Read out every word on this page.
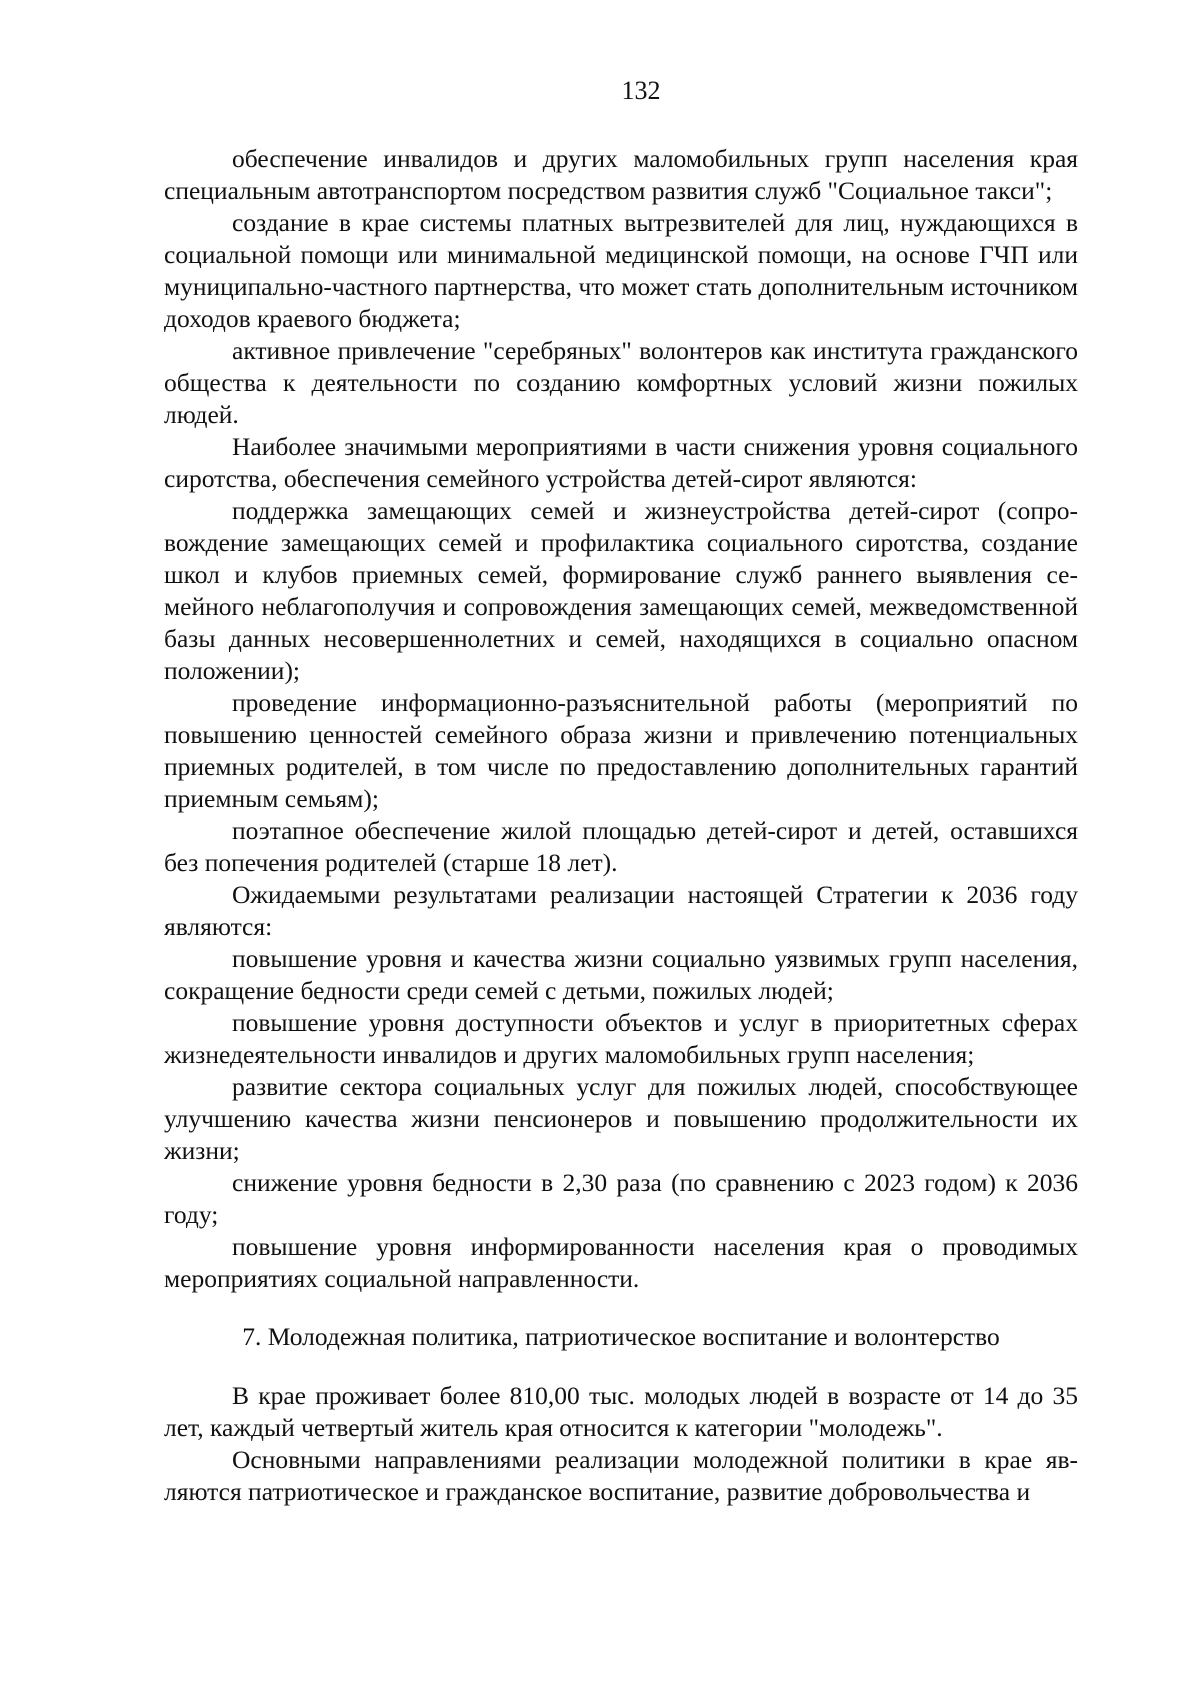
132

обеспечение инвалидов и других маломобильных групп населения края специальным автотранспортом посредством развития служб "Социальное такси";

создание в крае системы платных вытрезвителей для лиц, нуждающихся в социальной помощи или минимальной медицинской помощи, на основе ГЧП или муниципально-частного партнерства, что может стать дополнительным источником доходов краевого бюджета;

активное привлечение "серебряных" волонтеров как института гражданского общества к деятельности по созданию комфортных условий жизни пожилых людей.

Наиболее значимыми мероприятиями в части снижения уровня социального сиротства, обеспечения семейного устройства детей-сирот являются:

поддержка замещающих семей и жизнеустройства детей-сирот (сопровождение замещающих семей и профилактика социального сиротства, создание школ и клубов приемных семей, формирование служб раннего выявления семейного неблагополучия и сопровождения замещающих семей, межведомственной базы данных несовершеннолетних и семей, находящихся в социально опасном положении);

проведение информационно-разъяснительной работы (мероприятий по повышению ценностей семейного образа жизни и привлечению потенциальных приемных родителей, в том числе по предоставлению дополнительных гарантий приемным семьям);

поэтапное обеспечение жилой площадью детей-сирот и детей, оставшихся без попечения родителей (старше 18 лет).

Ожидаемыми результатами реализации настоящей Стратегии к 2036 году являются:

повышение уровня и качества жизни социально уязвимых групп населения, сокращение бедности среди семей с детьми, пожилых людей;

повышение уровня доступности объектов и услуг в приоритетных сферах жизнедеятельности инвалидов и других маломобильных групп населения;

развитие сектора социальных услуг для пожилых людей, способствующее улучшению качества жизни пенсионеров и повышению продолжительности их жизни;

снижение уровня бедности в 2,30 раза (по сравнению с 2023 годом) к 2036 году;

повышение уровня информированности населения края о проводимых мероприятиях социальной направленности.

7. Молодежная политика, патриотическое воспитание и волонтерство

В крае проживает более 810,00 тыс. молодых людей в возрасте от 14 до 35 лет, каждый четвертый житель края относится к категории "молодежь".

Основными направлениями реализации молодежной политики в крае являются патриотическое и гражданское воспитание, развитие добровольчества и
